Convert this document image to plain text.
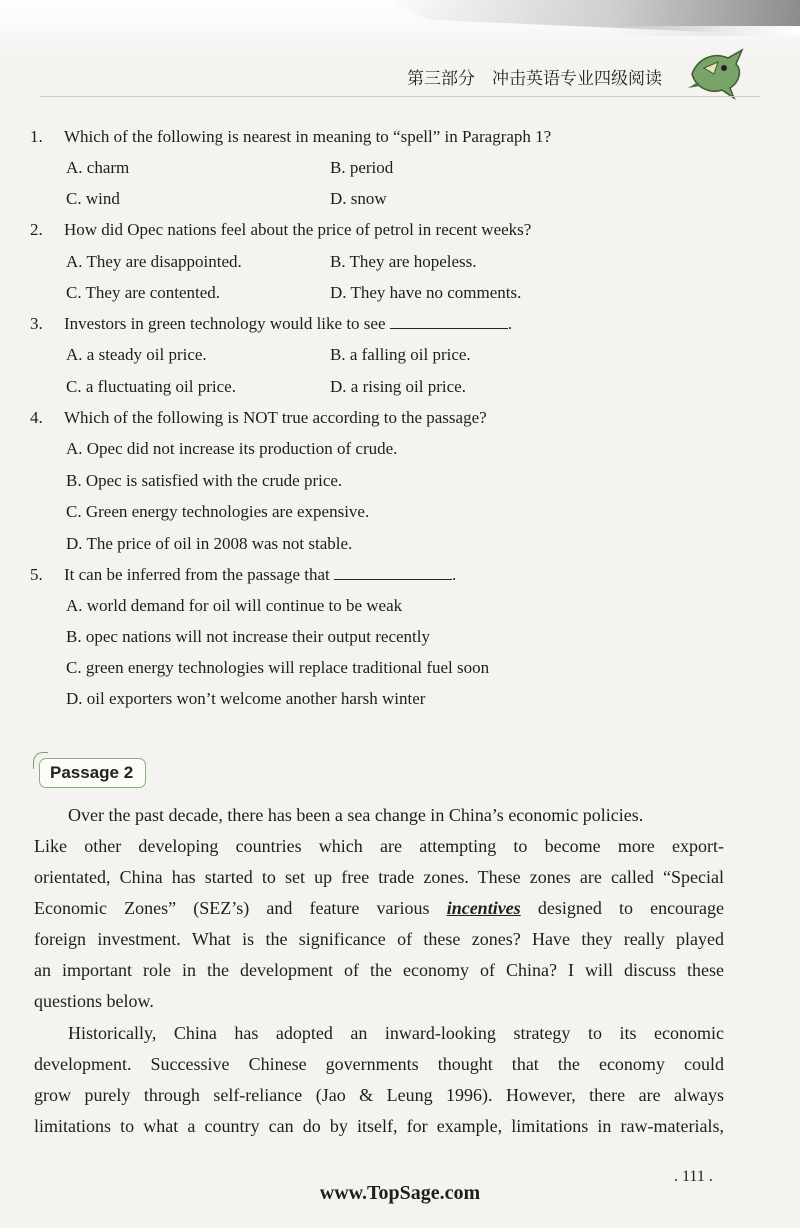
第三部分　冲击英语专业四级阅读
1. Which of the following is nearest in meaning to “spell” in Paragraph 1?
A. charm	B. period
C. wind	D. snow
2. How did Opec nations feel about the price of petrol in recent weeks?
A. They are disappointed.	B. They are hopeless.
C. They are contented.	D. They have no comments.
3. Investors in green technology would like to see	.
A. a steady oil price.	B. a falling oil price.
C. a fluctuating oil price.	D. a rising oil price.
4. Which of the following is NOT true according to the passage?
A. Opec did not increase its production of crude.
B. Opec is satisfied with the crude price.
C. Green energy technologies are expensive.
D. The price of oil in 2008 was not stable.
5. It can be inferred from the passage that	.
A. world demand for oil will continue to be weak
B. opec nations will not increase their output recently
C. green energy technologies will replace traditional fuel soon
D. oil exporters won’t welcome another harsh winter
Passage 2
Over the past decade, there has been a sea change in China’s economic policies.
Like other developing countries which are attempting to become more export-
orientated, China has started to set up free trade zones. These zones are called “Special
Economic Zones” (SEZ’s) and feature various incentives designed to encourage
foreign investment. What is the significance of these zones? Have they really played
an important role in the development of the economy of China? I will discuss these
questions below.
Historically, China has adopted an inward-looking strategy to its economic
development. Successive Chinese governments thought that the economy could
grow purely through self-reliance (Jao & Leung 1996). However, there are always
limitations to what a country can do by itself, for example, limitations in raw-materials,
. 111 .
www.TopSage.com
